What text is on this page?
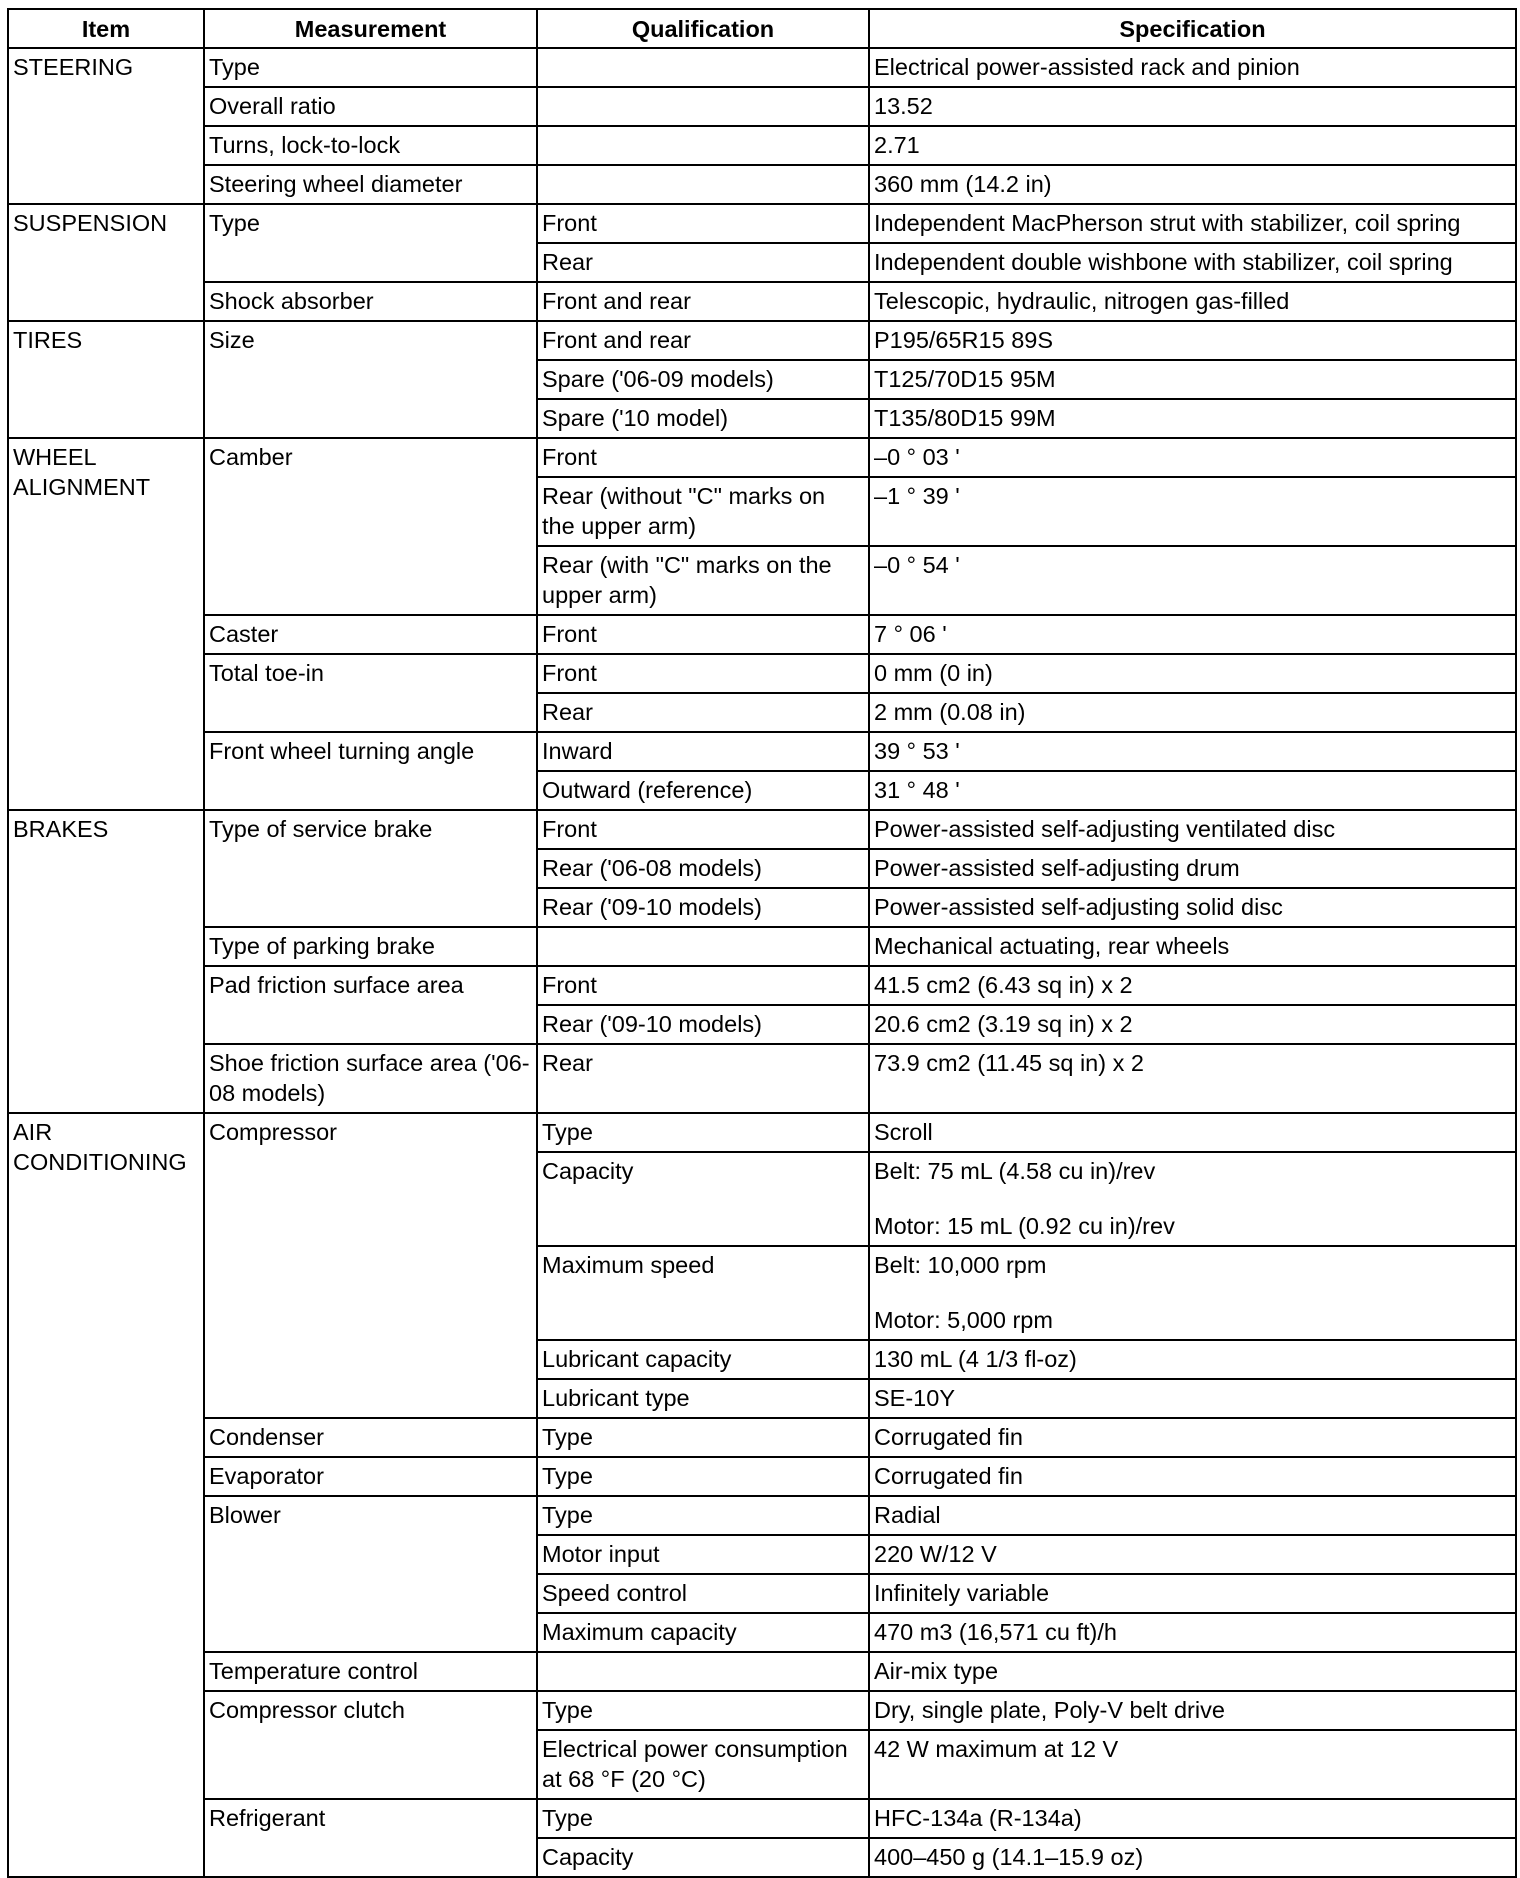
Item	Measurement	Qualification	Specification
STEERING	Type		Electrical power-assisted rack and pinion
	Overall ratio		13.52
	Turns, lock-to-lock		2.71
	Steering wheel diameter		360 mm (14.2 in)
SUSPENSION	Type	Front	Independent MacPherson strut with stabilizer, coil spring
		Rear	Independent double wishbone with stabilizer, coil spring
	Shock absorber	Front and rear	Telescopic, hydraulic, nitrogen gas-filled
TIRES	Size	Front and rear	P195/65R15 89S
		Spare ('06-09 models)	T125/70D15 95M
		Spare ('10 model)	T135/80D15 99M
WHEEL ALIGNMENT	Camber	Front	–0 ° 03 '
		Rear (without "C" marks on the upper arm)	–1 ° 39 '
		Rear (with "C" marks on the upper arm)	–0 ° 54 '
	Caster	Front	7 ° 06 '
	Total toe-in	Front	0 mm (0 in)
		Rear	2 mm (0.08 in)
	Front wheel turning angle	Inward	39 ° 53 '
		Outward (reference)	31 ° 48 '
BRAKES	Type of service brake	Front	Power-assisted self-adjusting ventilated disc
		Rear ('06-08 models)	Power-assisted self-adjusting drum
		Rear ('09-10 models)	Power-assisted self-adjusting solid disc
	Type of parking brake		Mechanical actuating, rear wheels
	Pad friction surface area	Front	41.5 cm2 (6.43 sq in) x 2
		Rear ('09-10 models)	20.6 cm2 (3.19 sq in) x 2
	Shoe friction surface area ('06-08 models)	Rear	73.9 cm2 (11.45 sq in) x 2
AIR CONDITIONING	Compressor	Type	Scroll
		Capacity	Belt: 75 mL (4.58 cu in)/rev
Motor: 15 mL (0.92 cu in)/rev

		Maximum speed	Belt: 10,000 rpm
Motor: 5,000 rpm

		Lubricant capacity	130 mL (4 1/3 fl-oz)
		Lubricant type	SE-10Y
	Condenser	Type	Corrugated fin
	Evaporator	Type	Corrugated fin
	Blower	Type	Radial
		Motor input	220 W/12 V
		Speed control	Infinitely variable
		Maximum capacity	470 m3 (16,571 cu ft)/h
	Temperature control		Air-mix type
	Compressor clutch	Type	Dry, single plate, Poly-V belt drive
		Electrical power consumption at 68 °F (20 °C)	42 W maximum at 12 V
	Refrigerant	Type	HFC-134a (R-134a)
		Capacity	400–450 g (14.1–15.9 oz)
